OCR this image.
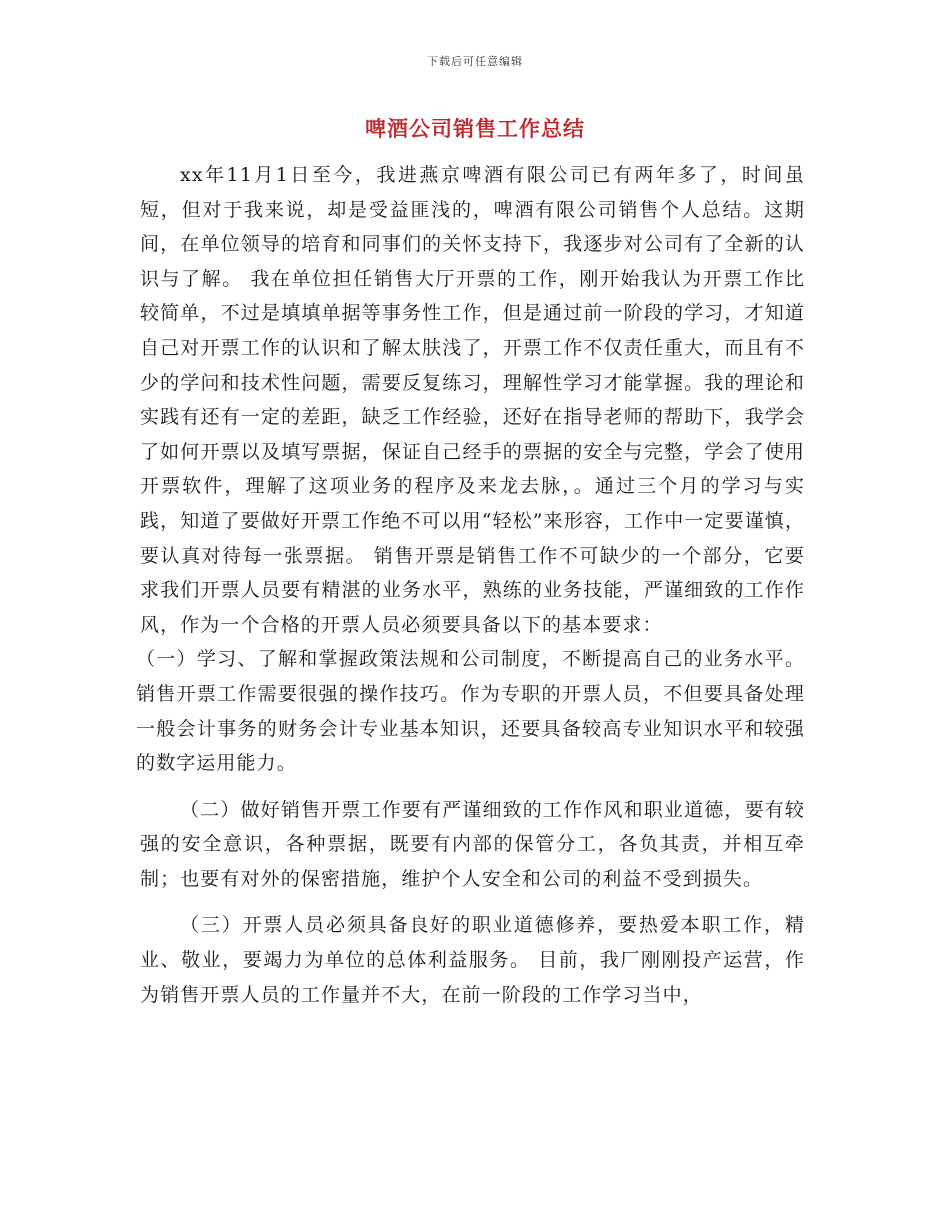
下载后可任意编辑
啤酒公司销售工作总结

xx年11月1日至今，我进燕京啤酒有限公司已有两年多了，时间虽短，但对于我来说，却是受益匪浅的，啤酒有限公司销售个人总结。这期间，在单位领导的培育和同事们的关怀支持下，我逐步对公司有了全新的认识与了解。 我在单位担任销售大厅开票的工作，刚开始我认为开票工作比较简单，不过是填填单据等事务性工作，但是通过前一阶段的学习，才知道自己对开票工作的认识和了解太肤浅了，开票工作不仅责任重大，而且有不少的学问和技术性问题，需要反复练习，理解性学习才能掌握。我的理论和实践有还有一定的差距，缺乏工作经验，还好在指导老师的帮助下，我学会了如何开票以及填写票据，保证自己经手的票据的安全与完整，学会了使用开票软件，理解了这项业务的程序及来龙去脉，。通过三个月的学习与实践，知道了要做好开票工作绝不可以用“轻松”来形容，工作中一定要谨慎，要认真对待每一张票据。 销售开票是销售工作不可缺少的一个部分，它要求我们开票人员要有精湛的业务水平，熟练的业务技能，严谨细致的工作作风，作为一个合格的开票人员必须要具备以下的基本要求：

（一）学习、了解和掌握政策法规和公司制度，不断提高自己的业务水平。销售开票工作需要很强的操作技巧。作为专职的开票人员，不但要具备处理一般会计事务的财务会计专业基本知识，还要具备较高专业知识水平和较强的数字运用能力。

（二）做好销售开票工作要有严谨细致的工作作风和职业道德，要有较强的安全意识，各种票据，既要有内部的保管分工，各负其责，并相互牵制；也要有对外的保密措施，维护个人安全和公司的利益不受到损失。

（三）开票人员必须具备良好的职业道德修养，要热爱本职工作，精业、敬业，要竭力为单位的总体利益服务。 目前，我厂刚刚投产运营，作为销售开票人员的工作量并不大，在前一阶段的工作学习当中，
